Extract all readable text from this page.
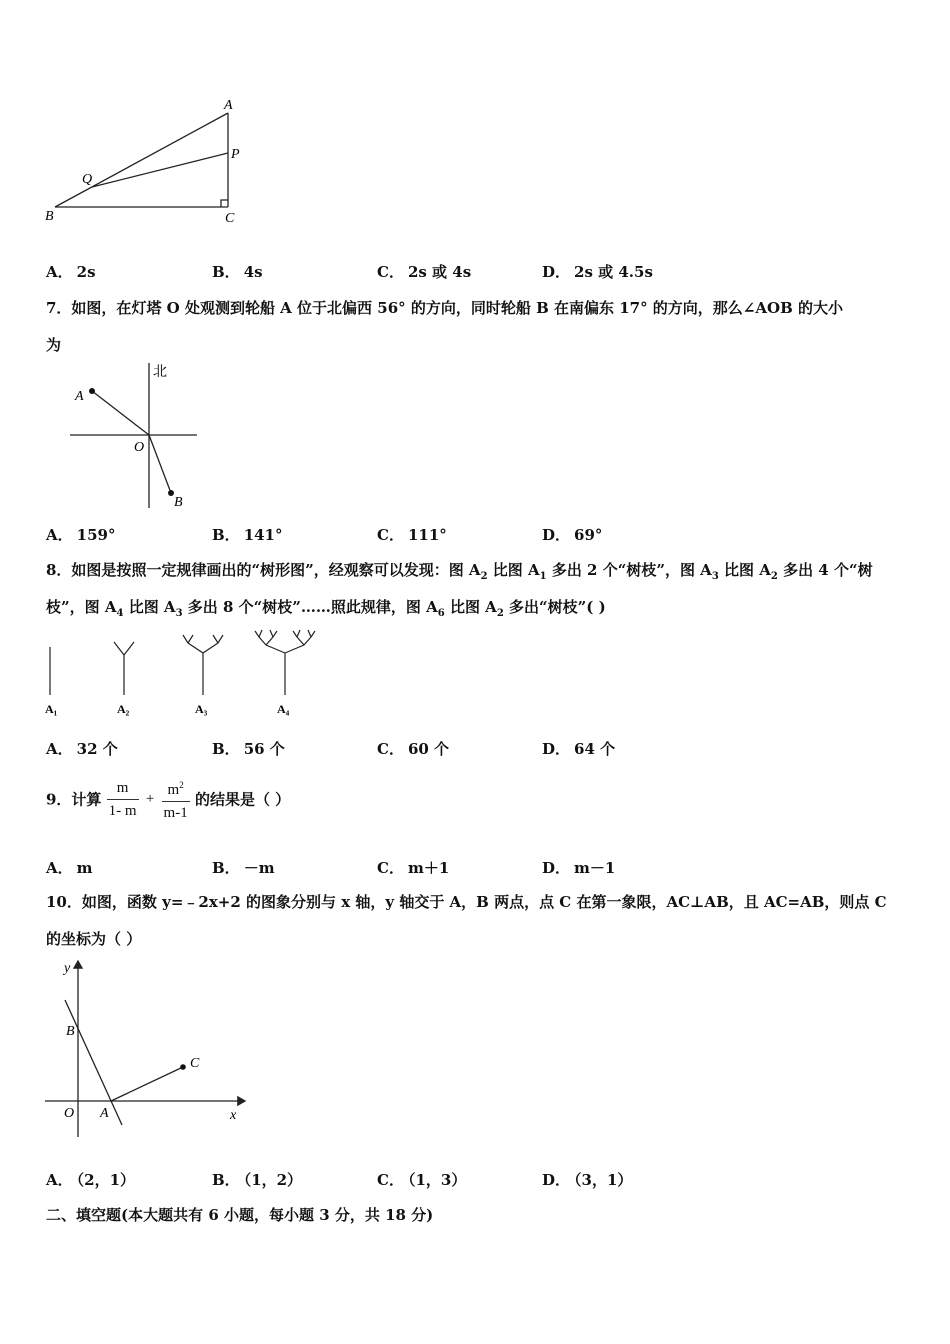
A
P
Q
B	C
A． 2s	B． 4s	C． 2s 或 4s	D． 2s 或 4.5s
7．如图，在灯塔 O 处观测到轮船 A 位于北偏西 56° 的方向，同时轮船 B 在南偏东 17° 的方向，那么∠AOB 的大小
为
北
A
O
B
A． 159°	B． 141°	C． 111°	D． 69°
8．如图是按照一定规律画出的“树形图”，经观察可以发现：图 $A_2$ 比图 $A_1$ 多出 2 个“树枝”，图 $A_3$ 比图 $A_2$ 多出 4 个“树
枝”，图 $A_4$ 比图 $A_3$ 多出 8 个“树枝”……照此规律，图 $A_6$ 比图 $A_2$ 多出“树枝”( )
A₁	A₂	A₃	A₄
A． 32 个	B． 56 个	C． 60 个	D． 64 个
9．计算 $\frac{m}{1- m} + \frac{m^2}{m-1}$ 的结果是（ ）
A． m	B． －m	C． m＋1	D． m－1
10．如图，函数 y=﹣2x+2 的图象分别与 x 轴，y 轴交于 A，B 两点，点 C 在第一象限，AC⊥AB，且 AC=AB，则点 C
的坐标为（ ）
y
x
O A
B
C
A． （2，1）	B． （1，2）	C． （1，3）	D． （3，1）
二、填空题(本大题共有 6 小题，每小题 3 分，共 18 分)
